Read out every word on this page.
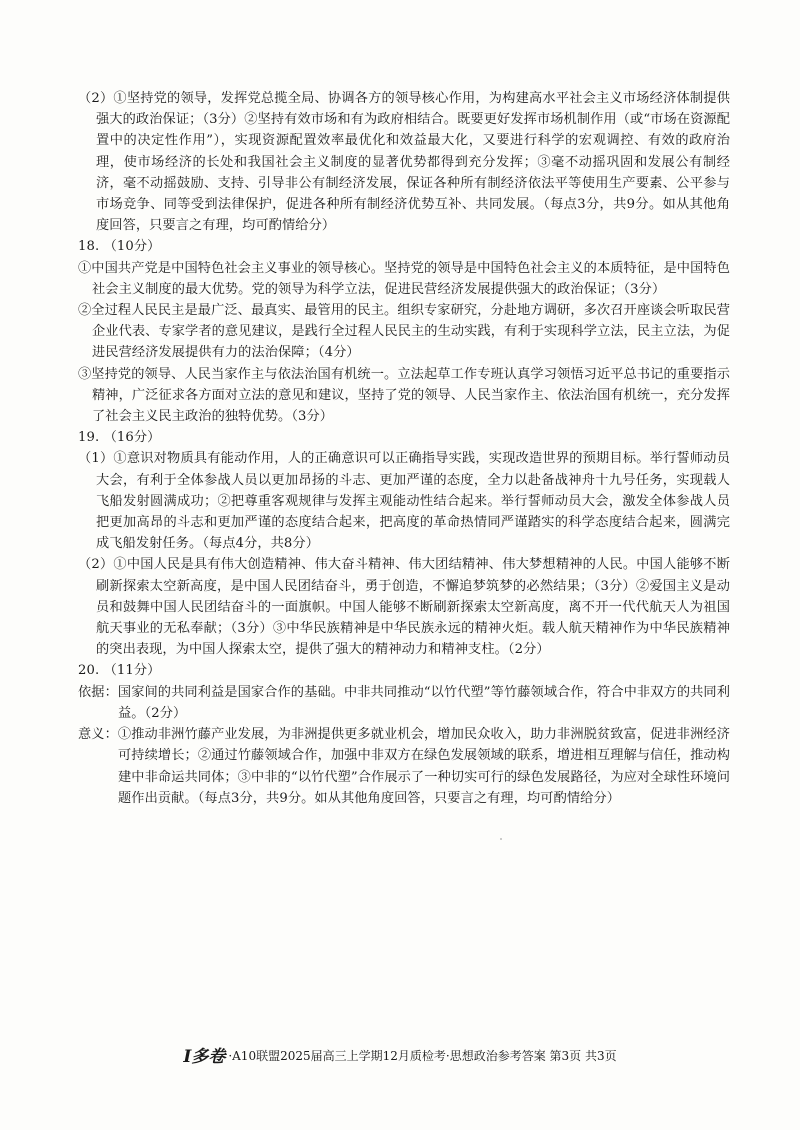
（2）①坚持党的领导，发挥党总揽全局、协调各方的领导核心作用，为构建高水平社会主义市场经济体制提供强大的政治保证；（3分）②坚持有效市场和有为政府相结合。既要更好发挥市场机制作用（或“市场在资源配置中的决定性作用”），实现资源配置效率最优化和效益最大化，又要进行科学的宏观调控、有效的政府治理，使市场经济的长处和我国社会主义制度的显著优势都得到充分发挥；③毫不动摇巩固和发展公有制经济，毫不动摇鼓励、支持、引导非公有制经济发展，保证各种所有制经济依法平等使用生产要素、公平参与市场竞争、同等受到法律保护，促进各种所有制经济优势互补、共同发展。（每点3分，共9分。如从其他角度回答，只要言之有理，均可酌情给分）

18. （10分）

①中国共产党是中国特色社会主义事业的领导核心。坚持党的领导是中国特色社会主义的本质特征，是中国特色社会主义制度的最大优势。党的领导为科学立法，促进民营经济发展提供强大的政治保证；（3分）

②全过程人民民主是最广泛、最真实、最管用的民主。组织专家研究，分赴地方调研，多次召开座谈会听取民营企业代表、专家学者的意见建议，是践行全过程人民民主的生动实践，有利于实现科学立法，民主立法，为促进民营经济发展提供有力的法治保障；（4分）

③坚持党的领导、人民当家作主与依法治国有机统一。立法起草工作专班认真学习领悟习近平总书记的重要指示精神，广泛征求各方面对立法的意见和建议，坚持了党的领导、人民当家作主、依法治国有机统一，充分发挥了社会主义民主政治的独特优势。（3分）

19. （16分）

（1）①意识对物质具有能动作用，人的正确意识可以正确指导实践，实现改造世界的预期目标。举行誓师动员大会，有利于全体参战人员以更加昂扬的斗志、更加严谨的态度，全力以赴备战神舟十九号任务，实现载人飞船发射圆满成功；②把尊重客观规律与发挥主观能动性结合起来。举行誓师动员大会，激发全体参战人员把更加高昂的斗志和更加严谨的态度结合起来，把高度的革命热情同严谨踏实的科学态度结合起来，圆满完成飞船发射任务。（每点4分，共8分）

（2）①中国人民是具有伟大创造精神、伟大奋斗精神、伟大团结精神、伟大梦想精神的人民。中国人能够不断刷新探索太空新高度，是中国人民团结奋斗，勇于创造，不懈追梦筑梦的必然结果；（3分）②爱国主义是动员和鼓舞中国人民团结奋斗的一面旗帜。中国人能够不断刷新探索太空新高度，离不开一代代航天人为祖国航天事业的无私奉献；（3分）③中华民族精神是中华民族永远的精神火炬。载人航天精神作为中华民族精神的突出表现，为中国人探索太空，提供了强大的精神动力和精神支柱。（2分）

20. （11分）

依据：国家间的共同利益是国家合作的基础。中非共同推动“以竹代塑”等竹藤领域合作，符合中非双方的共同利益。（2分）

意义：①推动非洲竹藤产业发展，为非洲提供更多就业机会，增加民众收入，助力非洲脱贫致富，促进非洲经济可持续增长；②通过竹藤领域合作，加强中非双方在绿色发展领域的联系，增进相互理解与信任，推动构建中非命运共同体；③中非的“以竹代塑”合作展示了一种切实可行的绿色发展路径，为应对全球性环境问题作出贡献。（每点3分，共9分。如从其他角度回答，只要言之有理，均可酌情给分）

I多卷 ·A10联盟2025届高三上学期12月质检考·思想政治参考答案 第3页 共3页
